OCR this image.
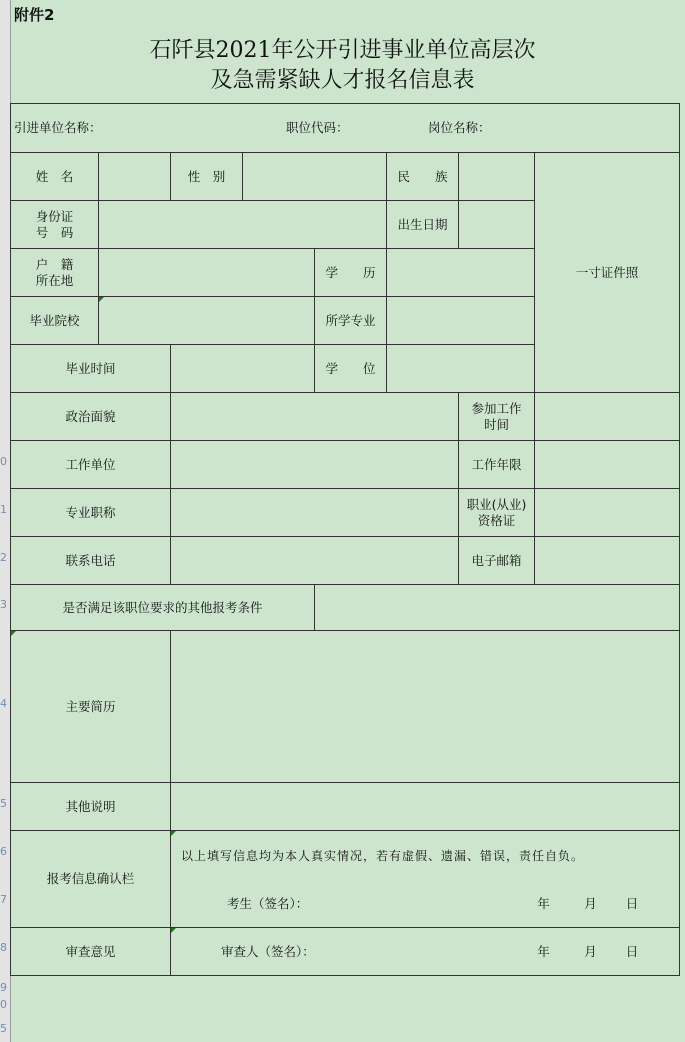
0
1
2
3
4
5
6
7
8
9
0
5
附件2
石阡县2021年公开引进事业单位高层次
及急需紧缺人才报名信息表
引进单位名称： 职位代码： 岗位名称：							
姓　名		性　别			民　　族		一寸证件照
身份证
号　码					出生日期		
户　籍
所在地				学　　历			
毕业院校				所学专业			
毕业时间				学　　位			
政治面貌						参加工作
时间	
工作单位						工作年限	
专业职称						职业(从业)
资格证	
联系电话						电子邮箱	
是否满足该职位要求的其他报考条件							
主要简历							
其他说明							
报考信息确认栏		以上填写信息均为本人真实情况，若有虚假、遗漏、错误，责任自负。
考生（签名）： 年 月 日					

审查意见		审查人（签名）： 年 月 日					
